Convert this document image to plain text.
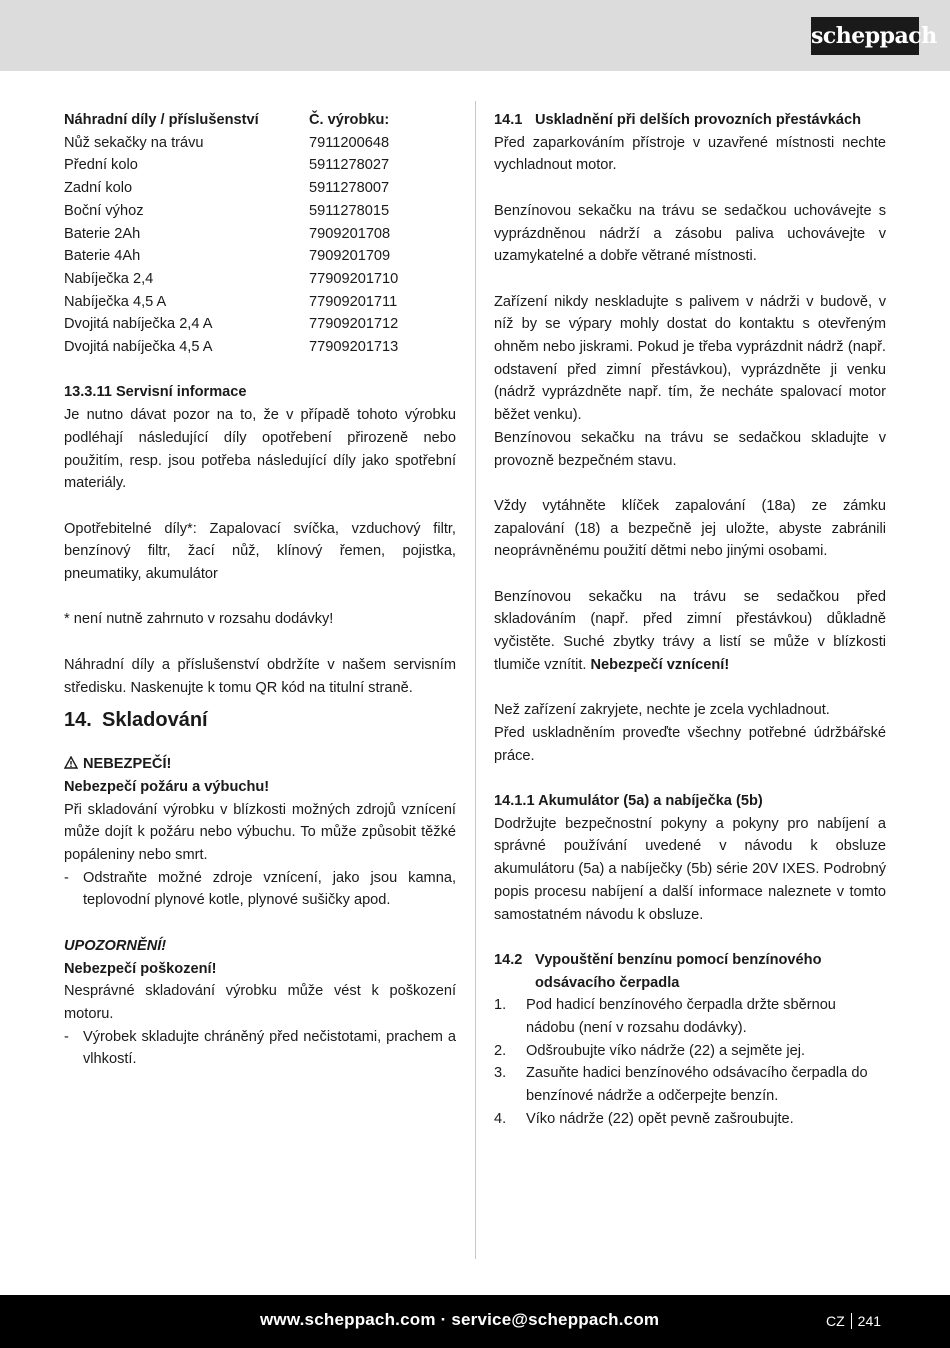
scheppach
Náhradní díly / příslušenství	Č. výrobku:
Nůž sekačky na trávu	7911200648
Přední kolo	5911278027
Zadní kolo	5911278007
Boční výhoz	5911278015
Baterie 2Ah	7909201708
Baterie 4Ah	7909201709
Nabíječka 2,4	77909201710
Nabíječka 4,5 A	77909201711
Dvojitá nabíječka 2,4 A	77909201712
Dvojitá nabíječka 4,5 A	77909201713
13.3.11 Servisní informace

Je nutno dávat pozor na to, že v případě tohoto výrobku podléhají následující díly opotřebení přirozeně nebo použitím, resp. jsou potřeba následující díly jako spotřební materiály.

Opotřebitelné díly*: Zapalovací svíčka, vzduchový filtr, benzínový filtr, žací nůž, klínový řemen, pojistka, pneumatiky, akumulátor

* není nutně zahrnuto v rozsahu dodávky!

Náhradní díly a příslušenství obdržíte v našem servisním středisku. Naskenujte k tomu QR kód na titulní straně.

14. Skladování
NEBEZPEČÍ!
Nebezpečí požáru a výbuchu!

Při skladování výrobku v blízkosti možných zdrojů vznícení může dojít k požáru nebo výbuchu. To může způsobit těžké popáleniny nebo smrt.

- Odstraňte možné zdroje vznícení, jako jsou kamna, teplovodní plynové kotle, plynové sušičky apod.
UPOZORNĚNÍ!
Nebezpečí poškození!

Nesprávné skladování výrobku může vést k poškození motoru.

- Výrobek skladujte chráněný před nečistotami, prachem a vlhkostí.
14.1 Uskladnění při delších provozních přestávkách

Před zaparkováním přístroje v uzavřené místnosti nechte vychladnout motor.

Benzínovou sekačku na trávu se sedačkou uchovávejte s vyprázdněnou nádrží a zásobu paliva uchovávejte v uzamykatelné a dobře větrané místnosti.

Zařízení nikdy neskladujte s palivem v nádrži v budově, v níž by se výpary mohly dostat do kontaktu s otevřeným ohněm nebo jiskrami. Pokud je třeba vyprázdnit nádrž (např. odstavení před zimní přestávkou), vyprázdněte ji venku (nádrž vyprázdněte např. tím, že necháte spalovací motor běžet venku).

Benzínovou sekačku na trávu se sedačkou skladujte v provozně bezpečném stavu.

Vždy vytáhněte klíček zapalování (18a) ze zámku zapalování (18) a bezpečně jej uložte, abyste zabránili neoprávněnému použití dětmi nebo jinými osobami.

Benzínovou sekačku na trávu se sedačkou před skladováním (např. před zimní přestávkou) důkladně vyčistěte. Suché zbytky trávy a listí se může v blízkosti tlumiče vznítit. Nebezpečí vznícení!

Než zařízení zakryjete, nechte je zcela vychladnout.

Před uskladněním proveďte všechny potřebné údržbářské práce.

14.1.1 Akumulátor (5a) a nabíječka (5b)

Dodržujte bezpečnostní pokyny a pokyny pro nabíjení a správné používání uvedené v návodu k obsluze akumulátoru (5a) a nabíječky (5b) série 20V IXES. Podrobný popis procesu nabíjení a další informace naleznete v tomto samostatném návodu k obsluze.

14.2 Vypouštění benzínu pomocí benzínového odsávacího čerpadla
1.	Pod hadicí benzínového čerpadla držte sběrnou nádobu (není v rozsahu dodávky).
2.	Odšroubujte víko nádrže (22) a sejměte jej.
3.	Zasuňte hadici benzínového odsávacího čerpadla do benzínové nádrže a odčerpejte benzín.
4.	Víko nádrže (22) opět pevně zašroubujte.
www.scheppach.com · service@scheppach.com	CZ 241
